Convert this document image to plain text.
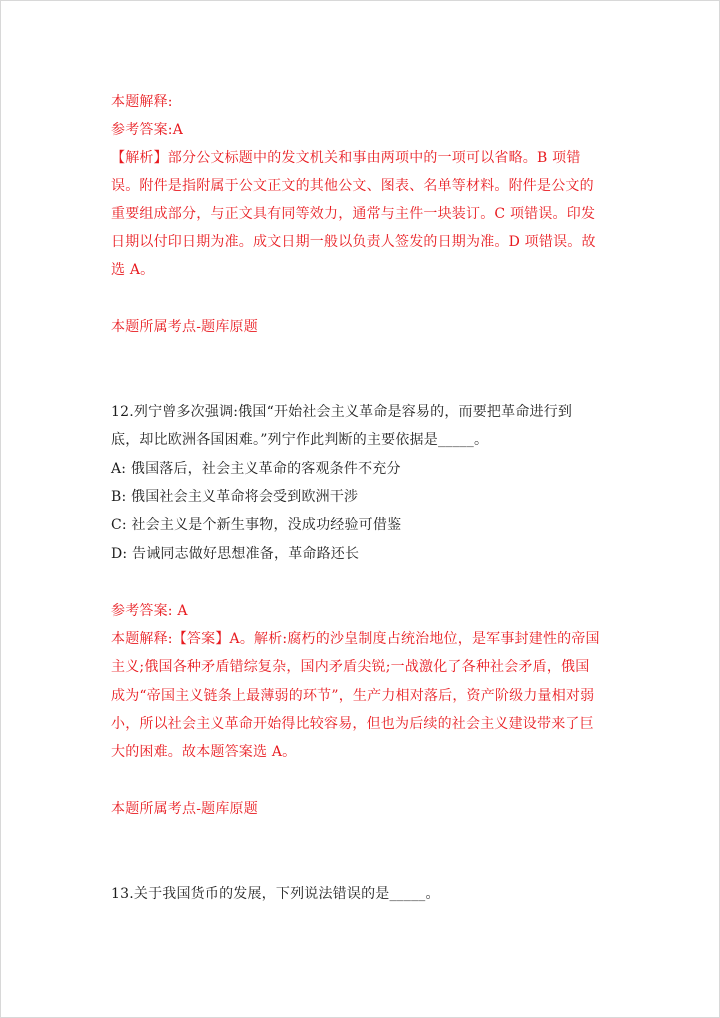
本题解释:
参考答案:A
【解析】部分公文标题中的发文机关和事由两项中的一项可以省略。B 项错
误。附件是指附属于公文正文的其他公文、图表、名单等材料。附件是公文的
重要组成部分，与正文具有同等效力，通常与主件一块装订。C 项错误。印发
日期以付印日期为准。成文日期一般以负责人签发的日期为准。D 项错误。故
选 A。
本题所属考点-题库原题
12.列宁曾多次强调:俄国“开始社会主义革命是容易的，而要把革命进行到
底，却比欧洲各国困难。”列宁作此判断的主要依据是_____。
A: 俄国落后，社会主义革命的客观条件不充分
B: 俄国社会主义革命将会受到欧洲干涉
C: 社会主义是个新生事物，没成功经验可借鉴
D: 告诫同志做好思想准备，革命路还长
参考答案: A
本题解释:【答案】A。解析:腐朽的沙皇制度占统治地位，是军事封建性的帝国
主义;俄国各种矛盾错综复杂，国内矛盾尖锐;一战激化了各种社会矛盾，俄国
成为“帝国主义链条上最薄弱的环节”，生产力相对落后，资产阶级力量相对弱
小，所以社会主义革命开始得比较容易，但也为后续的社会主义建设带来了巨
大的困难。故本题答案选 A。
本题所属考点-题库原题
13.关于我国货币的发展，下列说法错误的是_____。
